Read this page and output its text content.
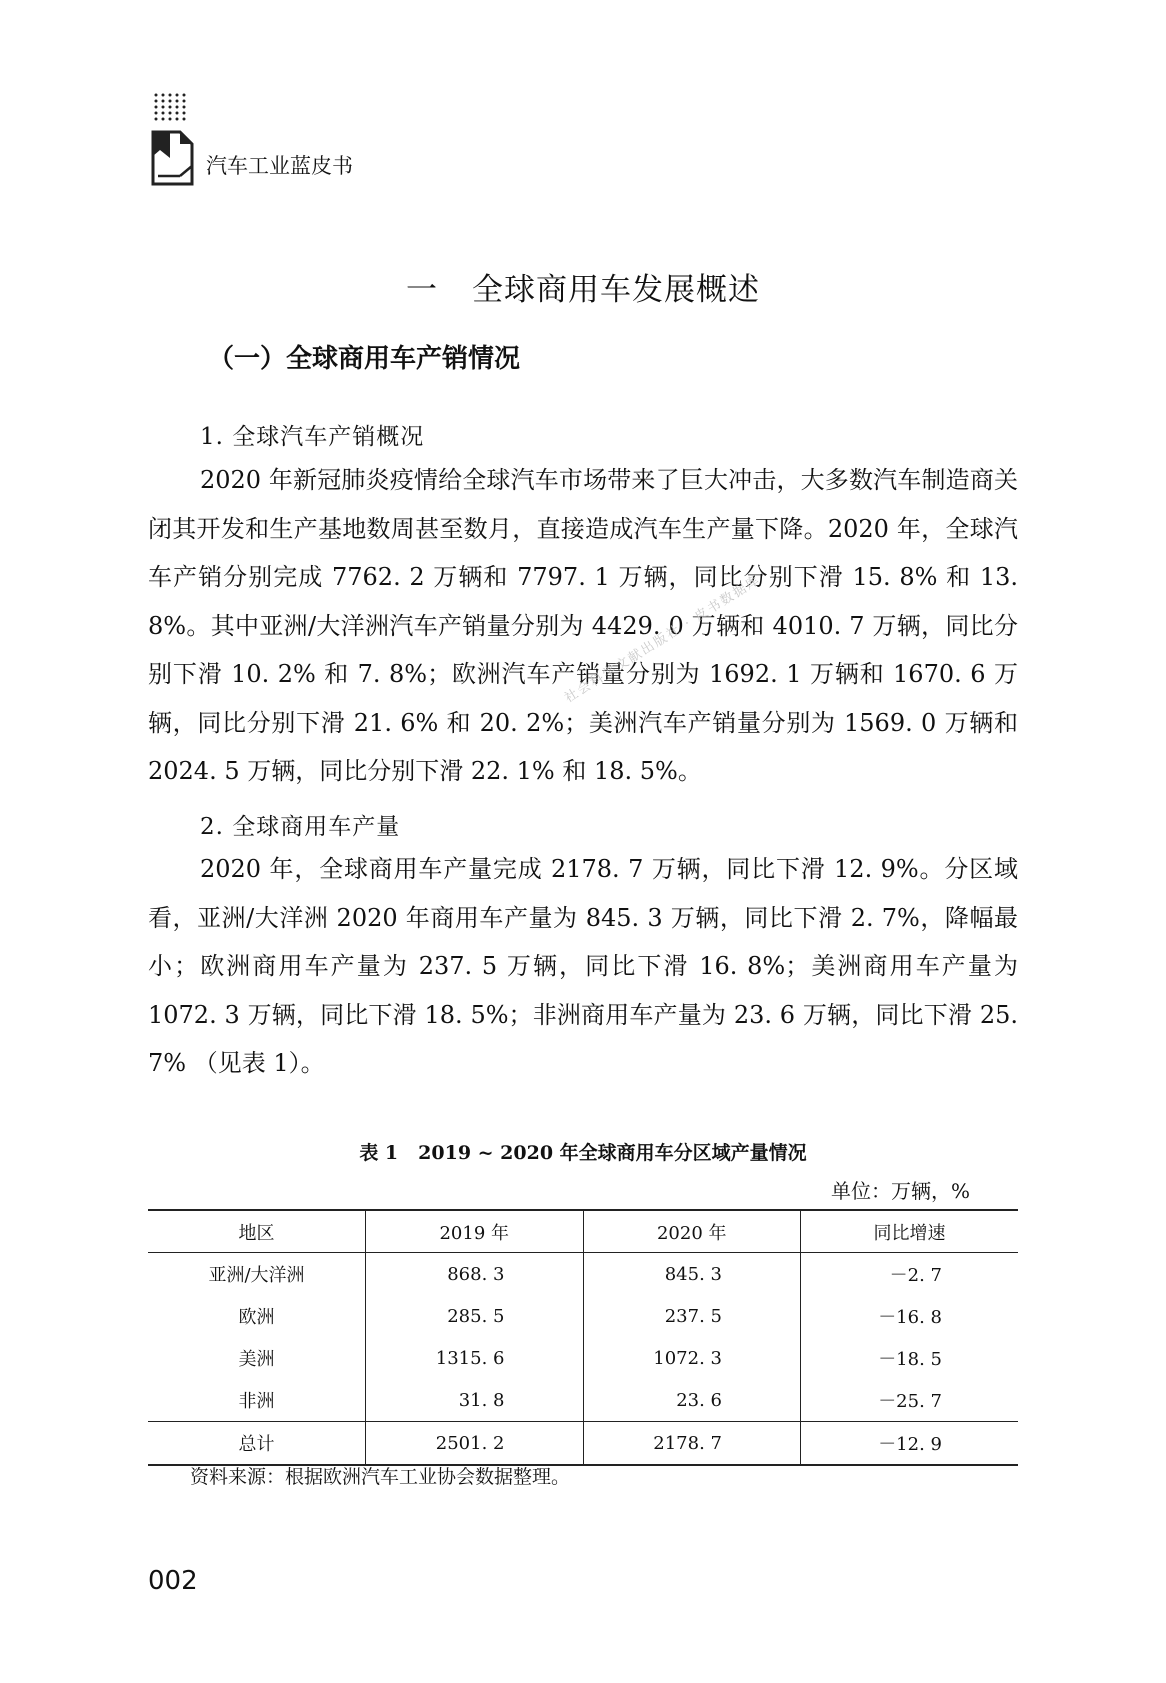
汽车工业蓝皮书
一 全球商用车发展概述
（一）全球商用车产销情况
1. 全球汽车产销概况
2020 年新冠肺炎疫情给全球汽车市场带来了巨大冲击，大多数汽车制造商关闭其开发和生产基地数周甚至数月，直接造成汽车生产量下降。2020 年，全球汽车产销分别完成 7762. 2 万辆和 7797. 1 万辆，同比分别下滑 15. 8% 和 13. 8%。其中亚洲/大洋洲汽车产销量分别为 4429. 0 万辆和 4010. 7 万辆，同比分别下滑 10. 2% 和 7. 8%；欧洲汽车产销量分别为 1692. 1 万辆和 1670. 6 万辆，同比分别下滑 21. 6% 和 20. 2%；美洲汽车产销量分别为 1569. 0 万辆和 2024. 5 万辆，同比分别下滑 22. 1% 和 18. 5%。
2. 全球商用车产量
2020 年，全球商用车产量完成 2178. 7 万辆，同比下滑 12. 9%。分区域看，亚洲/大洋洲 2020 年商用车产量为 845. 3 万辆，同比下滑 2. 7%，降幅最小；欧洲商用车产量为 237. 5 万辆，同比下滑 16. 8%；美洲商用车产量为 1072. 3 万辆，同比下滑 18. 5%；非洲商用车产量为 23. 6 万辆，同比下滑 25. 7% （见表 1）。
社会科学文献出版社 · 皮书数据库
表 1 2019 ~ 2020 年全球商用车分区域产量情况
单位：万辆，%
地区	2019 年	2020 年	同比增速
亚洲/大洋洲	868. 3	845. 3	－2. 7
欧洲	285. 5	237. 5	－16. 8
美洲	1315. 6	1072. 3	－18. 5
非洲	31. 8	23. 6	－25. 7
总计	2501. 2	2178. 7	－12. 9
资料来源：根据欧洲汽车工业协会数据整理。
002
